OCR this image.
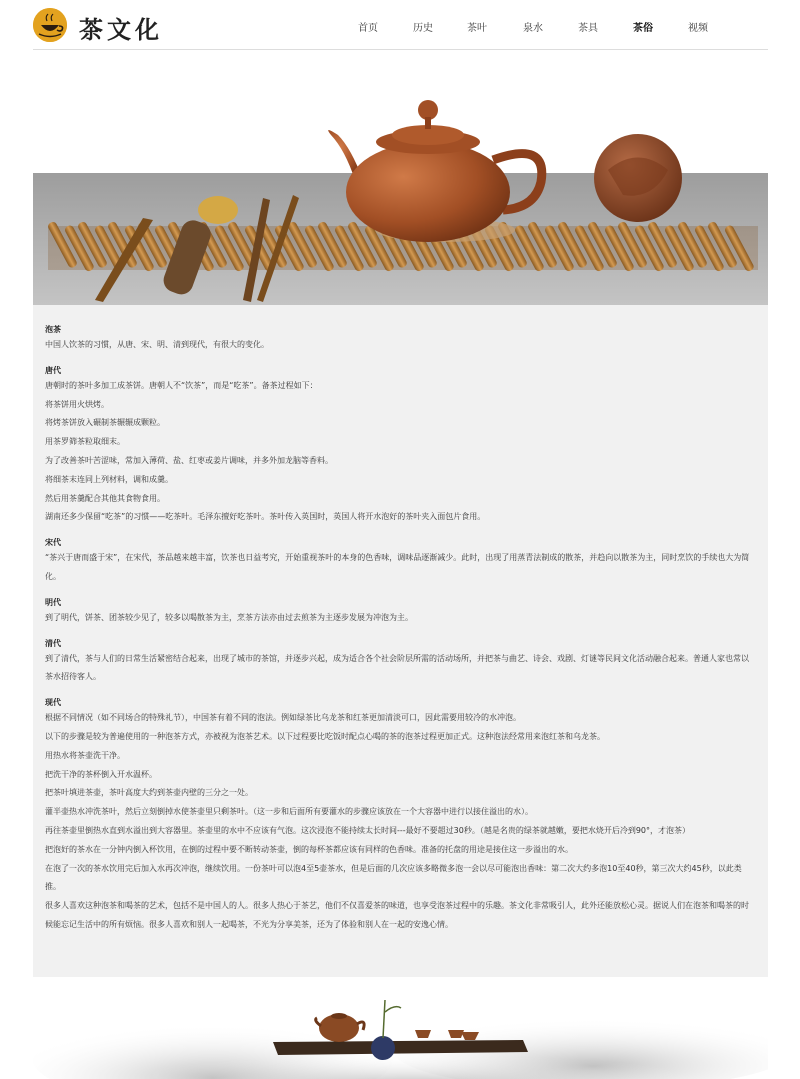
茶文化	首页	历史	茶叶	泉水	茶具	茶俗	视频
泡茶

中国人饮茶的习惯，从唐、宋、明、清到现代，有很大的变化。

唐代

唐朝时的茶叶多加工成茶饼。唐朝人不“饮茶”，而是“吃茶”。备茶过程如下：

将茶饼用火烘烤。

将烤茶饼放入碾制茶辗辗成颗粒。

用茶罗筛茶粒取细末。

为了改善茶叶苦涩味，常加入薄荷、盐、红枣或姜片调味，并多外加龙脑等香料。

将细茶末连同上列材料，调和成羹。

然后用茶羹配合其他其食物食用。

湖南还多少保留“吃茶”的习惯——吃茶叶。毛泽东擅好吃茶叶。茶叶传入英国时，英国人将开水泡好的茶叶夹入面包片食用。

宋代

“茶兴于唐而盛于宋”，在宋代，茶品越来越丰富，饮茶也日益考究，开始重视茶叶的本身的色香味，调味品逐渐减少。此时，出现了用蒸青法制成的散茶，并趋向以散茶为主，同时烹饮的手续也大为简化。

明代

到了明代，饼茶、团茶较少见了，较多以喝散茶为主，烹茶方法亦由过去煎茶为主逐步发展为冲泡为主。

清代

到了清代，茶与人们的日常生活紧密结合起来，出现了城市的茶馆，并逐步兴起，成为适合各个社会阶层所需的活动场所，并把茶与曲艺、诗会、戏剧、灯谜等民间文化活动融合起来。普通人家也常以茶水招待客人。

现代

根据不同情况（如不同场合的特殊礼节），中国茶有着不同的泡法。例如绿茶比乌龙茶和红茶更加清淡可口，因此需要用较冷的水冲泡。

以下的步骤是较为普遍使用的一种泡茶方式，亦被视为泡茶艺术。以下过程要比吃饭时配点心喝的茶的泡茶过程更加正式。这种泡法经常用来泡红茶和乌龙茶。

用热水将茶壶洗干净。

把洗干净的茶杯倒入开水温杯。

把茶叶填进茶壶，茶叶高度大约到茶壶内壁的三分之一处。

灌半壶热水冲洗茶叶，然后立刻倒掉水使茶壶里只剩茶叶。（这一步和后面所有要灌水的步骤应该放在一个大容器中进行以接住溢出的水）。

再往茶壶里倒热水直到水溢出到大容器里。茶壶里的水中不应该有气泡。这次浸泡不能持续太长时间---最好不要超过30秒。（越是名贵的绿茶就越嫩，要把水烧开后冷到90°，才泡茶）

把泡好的茶水在一分钟内倒入杯饮用，在倒的过程中要不断转动茶壶，倒的每杯茶都应该有同样的色香味。准备的托盘的用途是接住这一步溢出的水。

在泡了一次的茶水饮用完后加入水再次冲泡，继续饮用。一份茶叶可以泡4至5壶茶水，但是后面的几次应该多略微多泡一会以尽可能泡出香味：第二次大约多泡10至40秒，第三次大约45秒，以此类推。

很多人喜欢这种泡茶和喝茶的艺术，包括不是中国人的人。很多人热心于茶艺，他们不仅喜爱茶的味道，也享受泡茶过程中的乐趣。茶文化非常吸引人，此外还能放松心灵。据说人们在泡茶和喝茶的时候能忘记生活中的所有烦恼。很多人喜欢和别人一起喝茶，不光为分享美茶，还为了体验和别人在一起的安逸心情。
